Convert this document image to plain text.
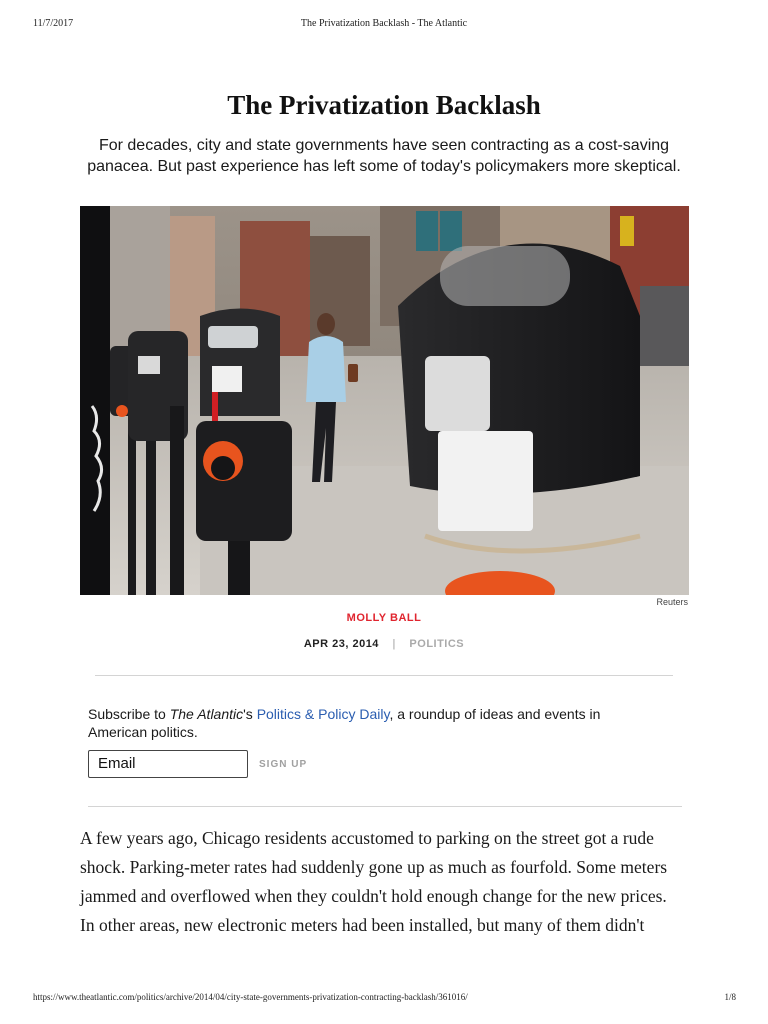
11/7/2017	The Privatization Backlash - The Atlantic
The Privatization Backlash
For decades, city and state governments have seen contracting as a cost-saving panacea. But past experience has left some of today's policymakers more skeptical.
Reuters
MOLLY BALL
APR 23, 2014 | POLITICS
Subscribe to The Atlantic's Politics & Policy Daily, a roundup of ideas and events in American politics.
Email	SIGN UP
A few years ago, Chicago residents accustomed to parking on the street got a rude
shock. Parking-meter rates had suddenly gone up as much as fourfold. Some meters
jammed and overflowed when they couldn't hold enough change for the new prices.
In other areas, new electronic meters had been installed, but many of them didn't
https://www.theatlantic.com/politics/archive/2014/04/city-state-governments-privatization-contracting-backlash/361016/	1/8
